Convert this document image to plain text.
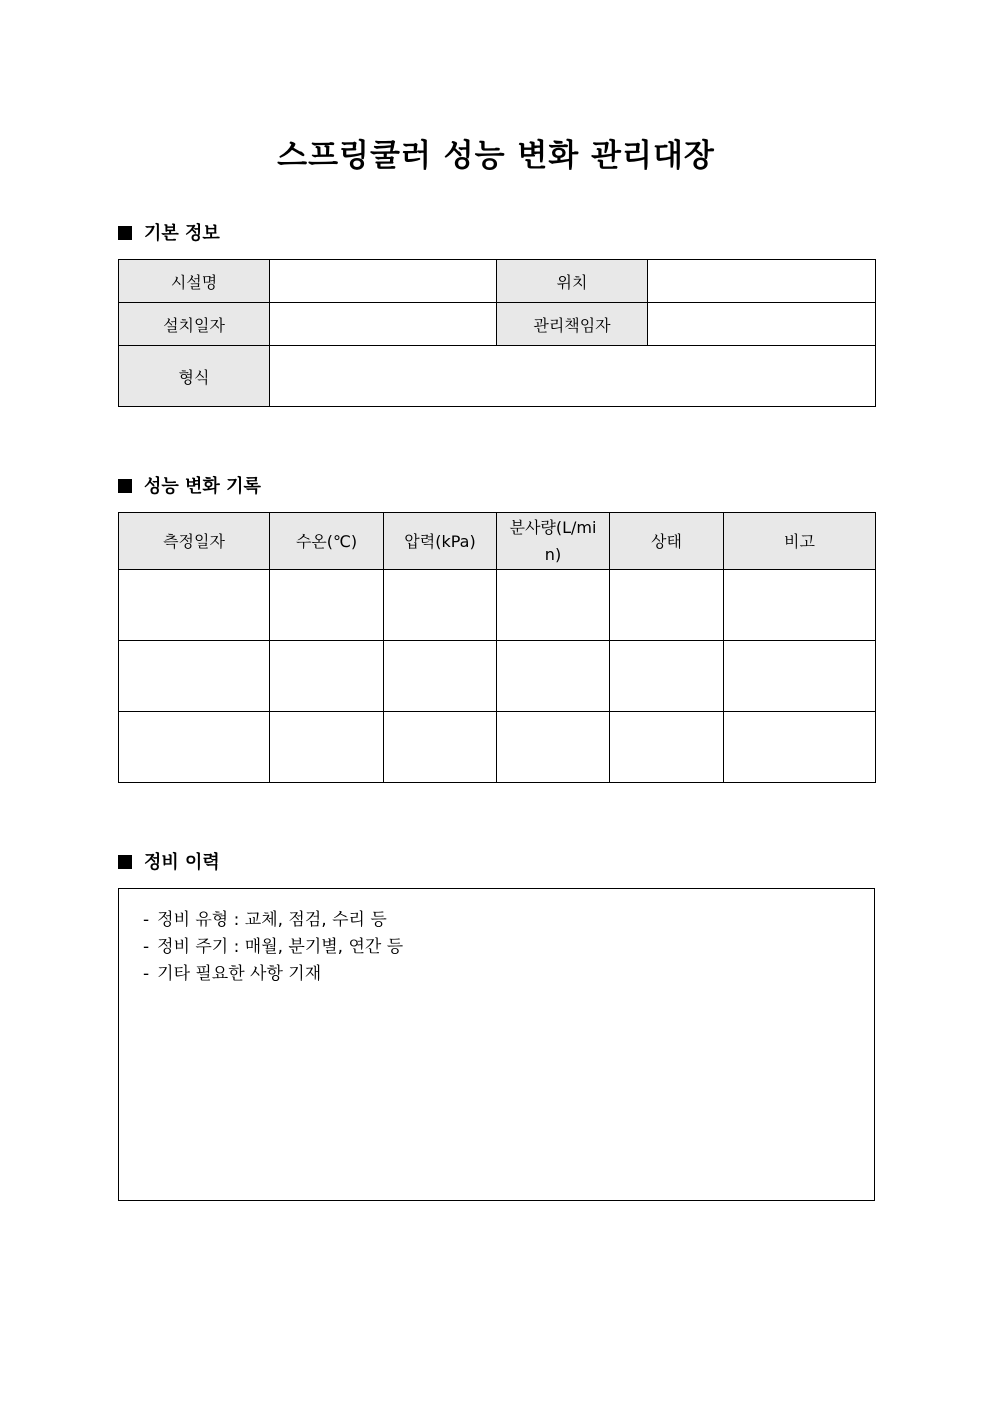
스프링쿨러 성능 변화 관리대장
기본 정보
시설명		위치	
설치일자		관리책임자	
형식			
성능 변화 기록
측정일자	수온(℃)	압력(kPa)	분사량(L/min)	상태	비고

정비 이력
- 정비 유형 : 교체, 점검, 수리 등
- 정비 주기 : 매월, 분기별, 연간 등
- 기타 필요한 사항 기재
